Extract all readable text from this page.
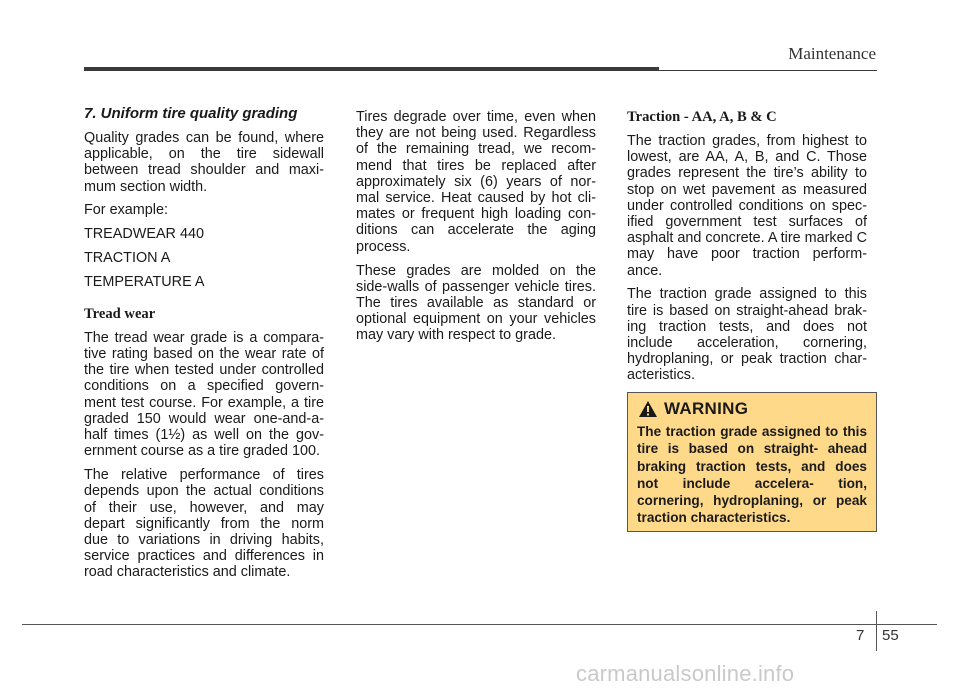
Maintenance

7. Uniform tire quality grading

Quality grades can be found, where applicable, on the tire sidewall between tread shoulder and maxi- mum section width.

For example:

TREADWEAR 440

TRACTION A

TEMPERATURE A

Tread wear

The tread wear grade is a compara- tive rating based on the wear rate of the tire when tested under controlled conditions on a specified govern- ment test course. For example, a tire graded 150 would wear one-and-a- half times (1½) as well on the gov- ernment course as a tire graded 100.

The relative performance of tires depends upon the actual conditions of their use, however, and may depart significantly from the norm due to variations in driving habits, service practices and differences in road characteristics and climate.

Tires degrade over time, even when they are not being used. Regardless of the remaining tread, we recom- mend that tires be replaced after approximately six (6) years of nor- mal service. Heat caused by hot cli- mates or frequent high loading con- ditions can accelerate the aging process.

These grades are molded on the side-walls of passenger vehicle tires. The tires available as standard or optional equipment on your vehicles may vary with respect to grade.

Traction - AA, A, B & C

The traction grades, from highest to lowest, are AA, A, B, and C. Those grades represent the tire’s ability to stop on wet pavement as measured under controlled conditions on spec- ified government test surfaces of asphalt and concrete. A tire marked C may have poor traction perform- ance.

The traction grade assigned to this tire is based on straight-ahead brak- ing traction tests, and does not include acceleration, cornering, hydroplaning, or peak traction char- acteristics.

WARNING

The traction grade assigned to this tire is based on straight- ahead braking traction tests, and does not include accelera- tion, cornering, hydroplaning, or peak traction characteristics.

7 55
carmanualsonline.info
